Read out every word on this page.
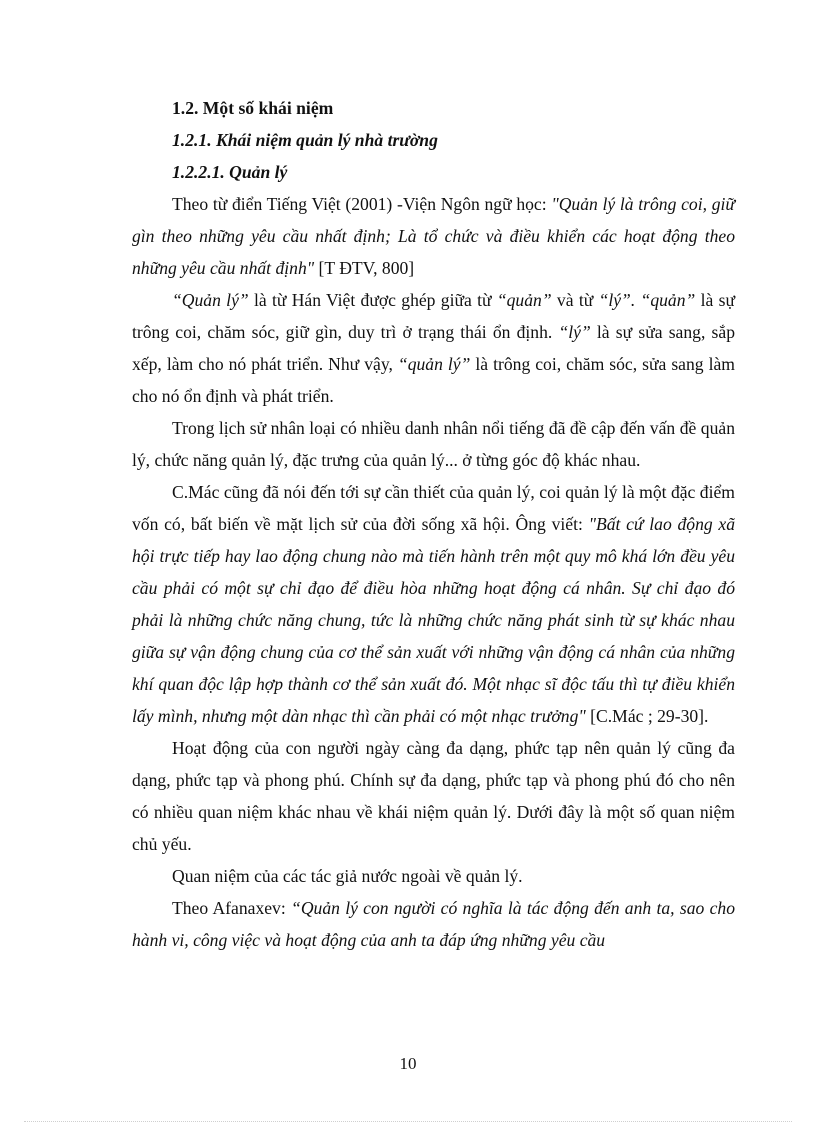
1.2. Một số khái niệm

1.2.1. Khái niệm quản lý nhà trường

1.2.2.1. Quản lý

Theo từ điển Tiếng Việt (2001) -Viện Ngôn ngữ học: "Quản lý là trông coi, giữ gìn theo những yêu cầu nhất định; Là tổ chức và điều khiển các hoạt động theo những yêu cầu nhất định" [T ĐTV, 800]

“Quản lý” là từ Hán Việt được ghép giữa từ “quản” và từ “lý”. “quản” là sự trông coi, chăm sóc, giữ gìn, duy trì ở trạng thái ổn định. “lý” là sự sửa sang, sắp xếp, làm cho nó phát triển. Như vậy, “quản lý” là trông coi, chăm sóc, sửa sang làm cho nó ổn định và phát triển.

Trong lịch sử nhân loại có nhiều danh nhân nổi tiếng đã đề cập đến vấn đề quản lý, chức năng quản lý, đặc trưng của quản lý... ở từng góc độ khác nhau.

C.Mác cũng đã nói đến tới sự cần thiết của quản lý, coi quản lý là một đặc điểm vốn có, bất biến về mặt lịch sử của đời sống xã hội. Ông viết: "Bất cứ lao động xã hội trực tiếp hay lao động chung nào mà tiến hành trên một quy mô khá lớn đều yêu cầu phải có một sự chỉ đạo để điều hòa những hoạt động cá nhân. Sự chỉ đạo đó phải là những chức năng chung, tức là những chức năng phát sinh từ sự khác nhau giữa sự vận động chung của cơ thể sản xuất với những vận động cá nhân của những khí quan độc lập hợp thành cơ thể sản xuất đó. Một nhạc sĩ độc tấu thì tự điều khiển lấy mình, nhưng một dàn nhạc thì cần phải có một nhạc trưởng" [C.Mác ; 29-30].

Hoạt động của con người ngày càng đa dạng, phức tạp nên quản lý cũng đa dạng, phức tạp và phong phú. Chính sự đa dạng, phức tạp và phong phú đó cho nên có nhiều quan niệm khác nhau về khái niệm quản lý. Dưới đây là một số quan niệm chủ yếu.

Quan niệm của các tác giả nước ngoài về quản lý.

Theo Afanaxev: “Quản lý con người có nghĩa là tác động đến anh ta, sao cho hành vi, công việc và hoạt động của anh ta đáp ứng những yêu cầu

10
